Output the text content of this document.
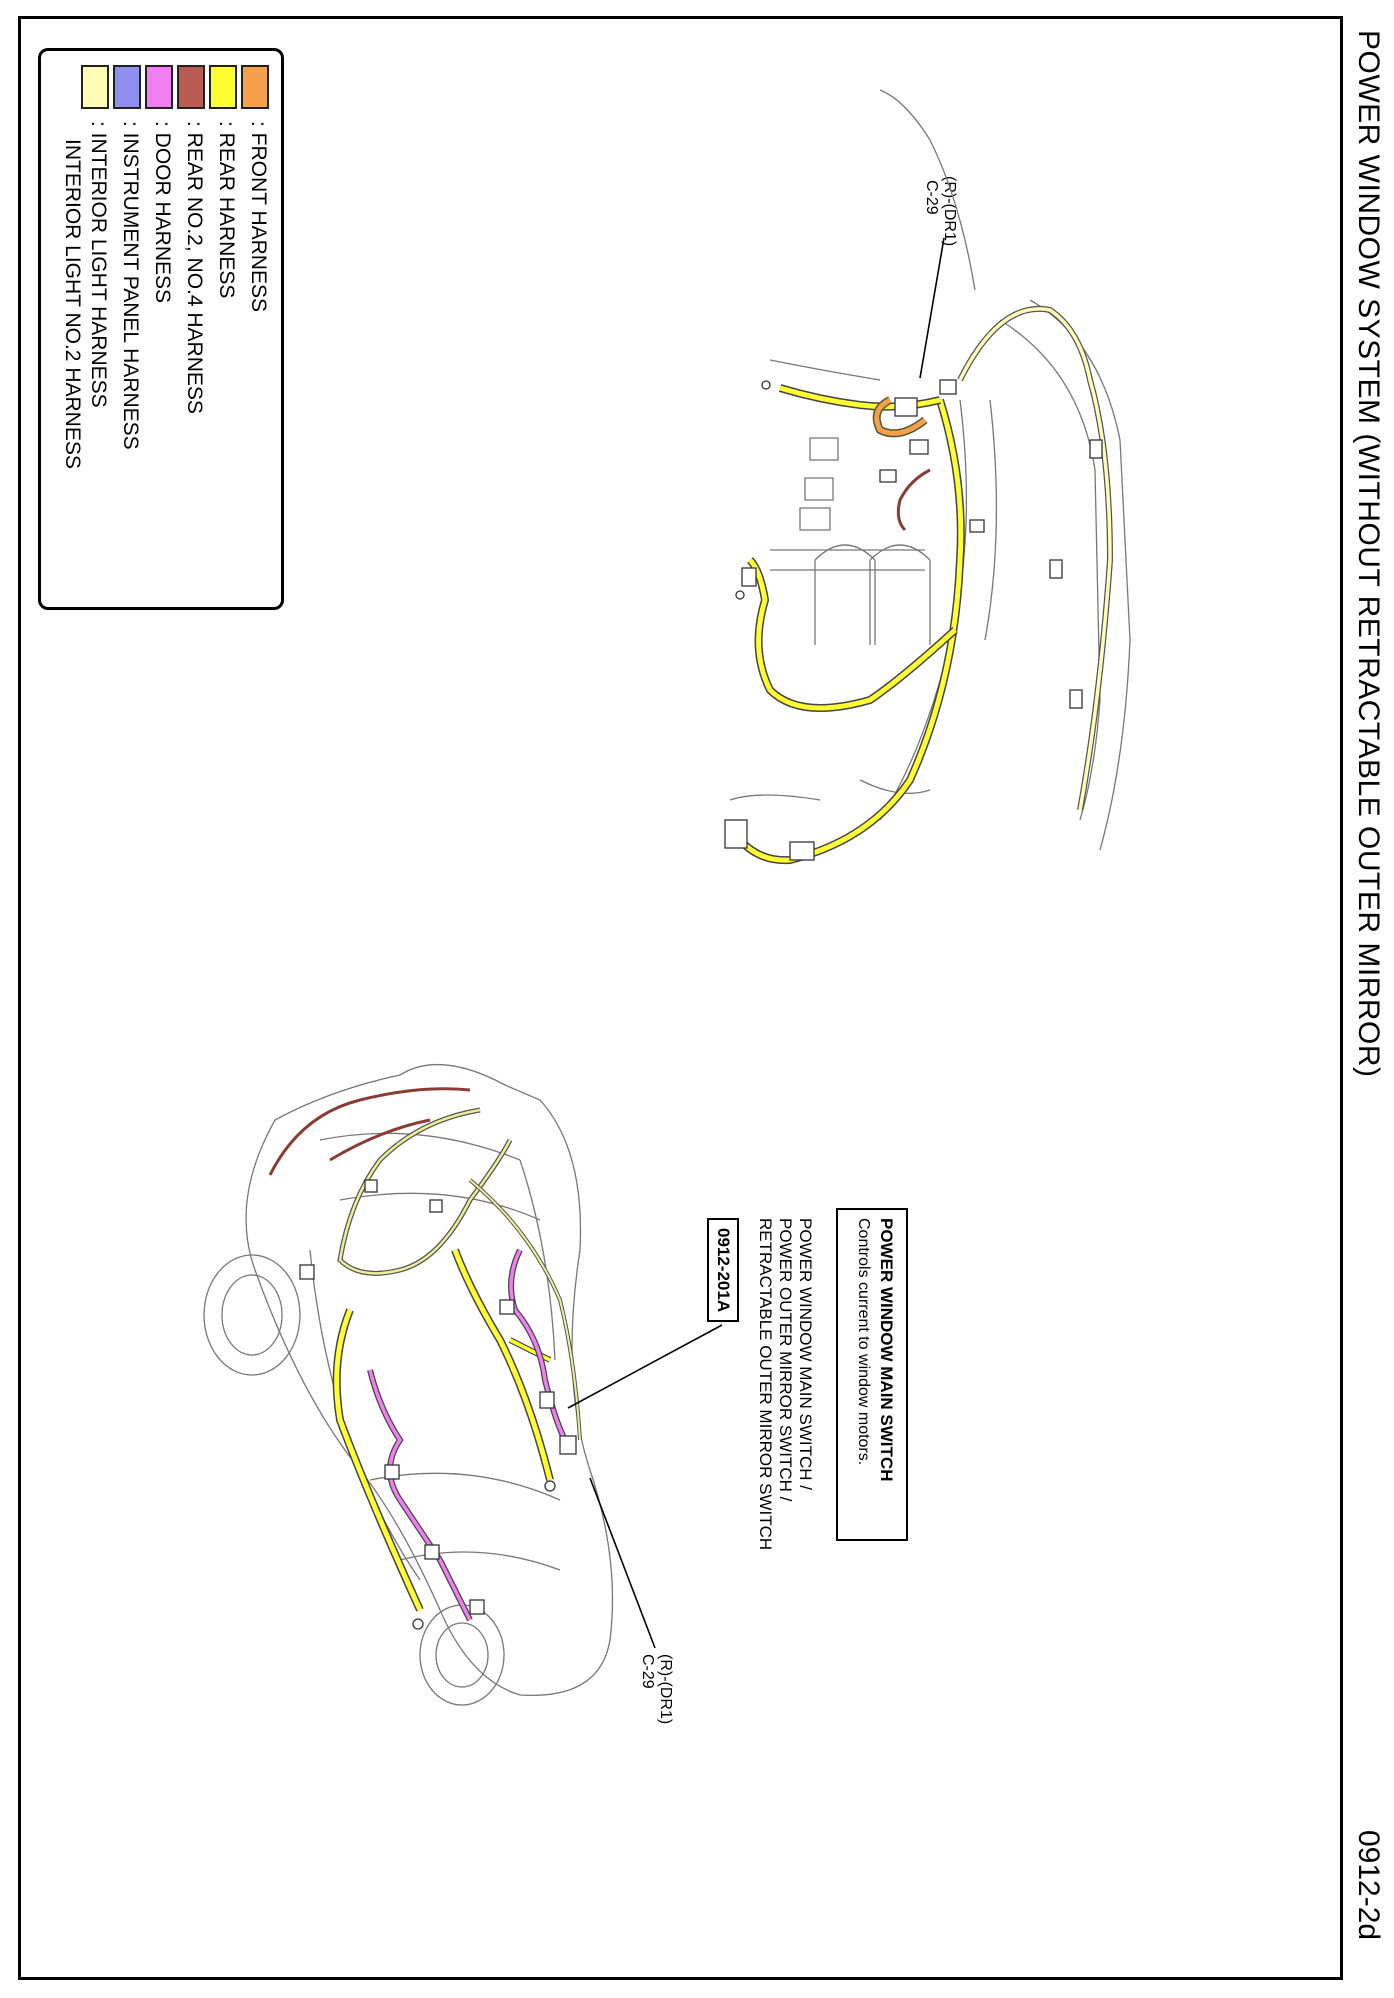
POWER WINDOW SYSTEM (WITHOUT RETRACTABLE OUTER MIRROR)
0912-2d
: FRONT HARNESS
: REAR HARNESS
: REAR NO.2, NO.4 HARNESS
: DOOR HARNESS
: INSTRUMENT PANEL HARNESS
: INTERIOR LIGHT HARNESS
INTERIOR LIGHT NO.2 HARNESS
POWER WINDOW MAIN SWITCH
Controls current to window motors.
POWER WINDOW MAIN SWITCH /
POWER OUTER MIRROR SWITCH /
RETRACTABLE OUTER MIRROR SWITCH
0912-201A
(R)-(DR1)
C-29
(R)-(DR1)
C-29
